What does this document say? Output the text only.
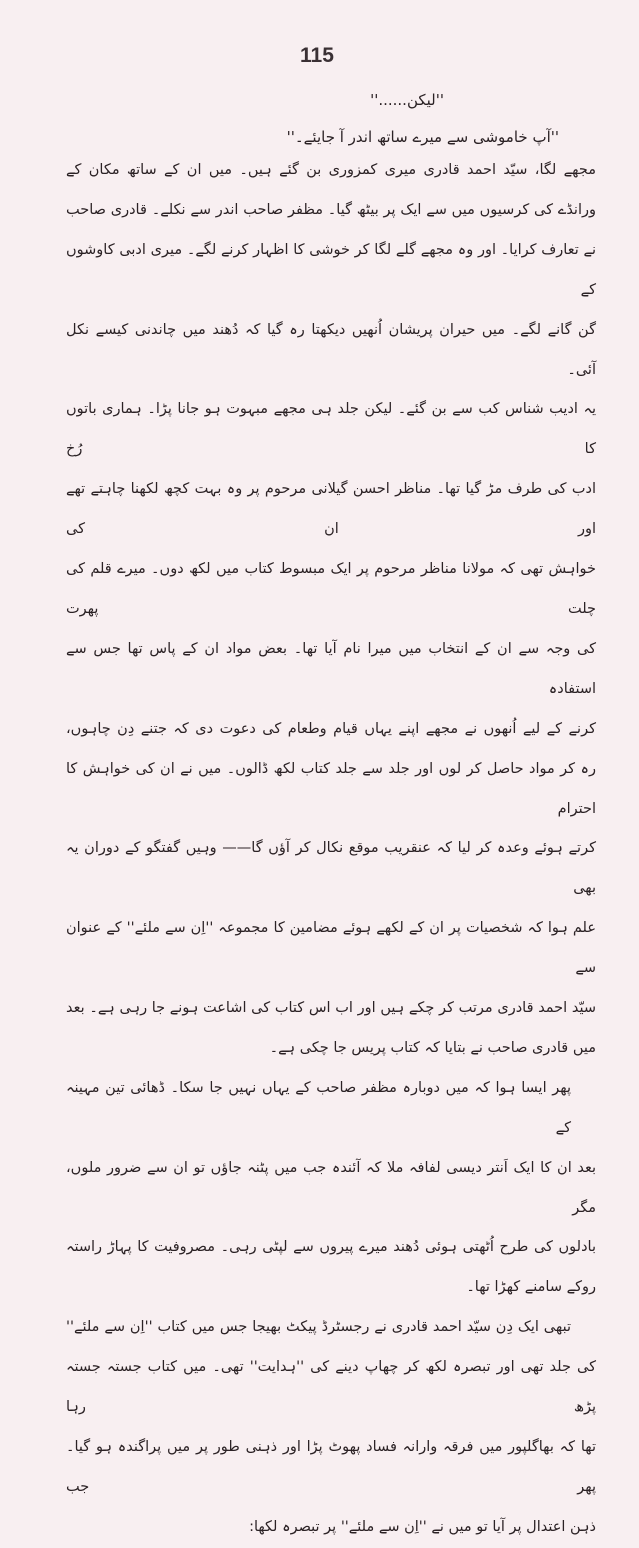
115
''لیکن......''
''آپ خاموشی سے میرے ساتھ اندر آ جایئے۔''
مجھے لگا، سیّد احمد قادری میری کمزوری بن گئے ہیں۔ میں ان کے ساتھ مکان کے
ورانڈے کی کرسیوں میں سے ایک پر بیٹھ گیا۔ مظفر صاحب اندر سے نکلے۔ قادری صاحب
نے تعارف کرایا۔ اور وہ مجھے گلے لگا کر خوشی کا اظہار کرنے لگے۔ میری ادبی کاوشوں کے
گن گانے لگے۔ میں حیران پریشان اُنھیں دیکھتا رہ گیا کہ دُھند میں چاندنی کیسے نکل آئی۔
یہ ادیب شناس کب سے بن گئے۔ لیکن جلد ہی مجھے مبہوت ہو جانا پڑا۔ ہماری باتوں کا رُخ
ادب کی طرف مڑ گیا تھا۔ مناظر احسن گیلانی مرحوم پر وہ بہت کچھ لکھنا چاہتے تھے اور ان کی
خواہش تھی کہ مولانا مناظر مرحوم پر ایک مبسوط کتاب میں لکھ دوں۔ میرے قلم کی چلت پھرت
کی وجہ سے ان کے انتخاب میں میرا نام آیا تھا۔ بعض مواد ان کے پاس تھا جس سے استفادہ
کرنے کے لیے اُنھوں نے مجھے اپنے یہاں قیام وطعام کی دعوت دی کہ جتنے دِن چاہوں،
رہ کر مواد حاصل کر لوں اور جلد سے جلد کتاب لکھ ڈالوں۔ میں نے ان کی خواہش کا احترام
کرتے ہوئے وعدہ کر لیا کہ عنقریب موقع نکال کر آؤں گا—— وہیں گفتگو کے دوران یہ بھی
علم ہوا کہ شخصیات پر ان کے لکھے ہوئے مضامین کا مجموعہ ''اِن سے ملئے'' کے عنوان سے
سیّد احمد قادری مرتب کر چکے ہیں اور اب اس کتاب کی اشاعت ہونے جا رہی ہے۔ بعد
میں قادری صاحب نے بتایا کہ کتاب پریس جا چکی ہے۔
پھر ایسا ہوا کہ میں دوبارہ مظفر صاحب کے یہاں نہیں جا سکا۔ ڈھائی تین مہینہ کے
بعد ان کا ایک اَنتر دیسی لفافہ ملا کہ آئندہ جب میں پٹنہ جاؤں تو ان سے ضرور ملوں، مگر
بادلوں کی طرح اُٹھتی ہوئی دُھند میرے پیروں سے لپٹی رہی۔ مصروفیت کا پہاڑ راستہ
روکے سامنے کھڑا تھا۔
تبھی ایک دِن سیّد احمد قادری نے رجسٹرڈ پیکٹ بھیجا جس میں کتاب ''اِن سے ملئے''
کی جلد تھی اور تبصرہ لکھ کر چھاپ دینے کی ''ہدایت'' تھی۔ میں کتاب جستہ جستہ پڑھ رہا
تھا کہ بھاگلپور میں فرقہ وارانہ فساد پھوٹ پڑا اور ذہنی طور پر میں پراگندہ ہو گیا۔ پھر جب
ذہن اعتدال پر آیا تو میں نے ''اِن سے ملئے'' پر تبصرہ لکھا:
